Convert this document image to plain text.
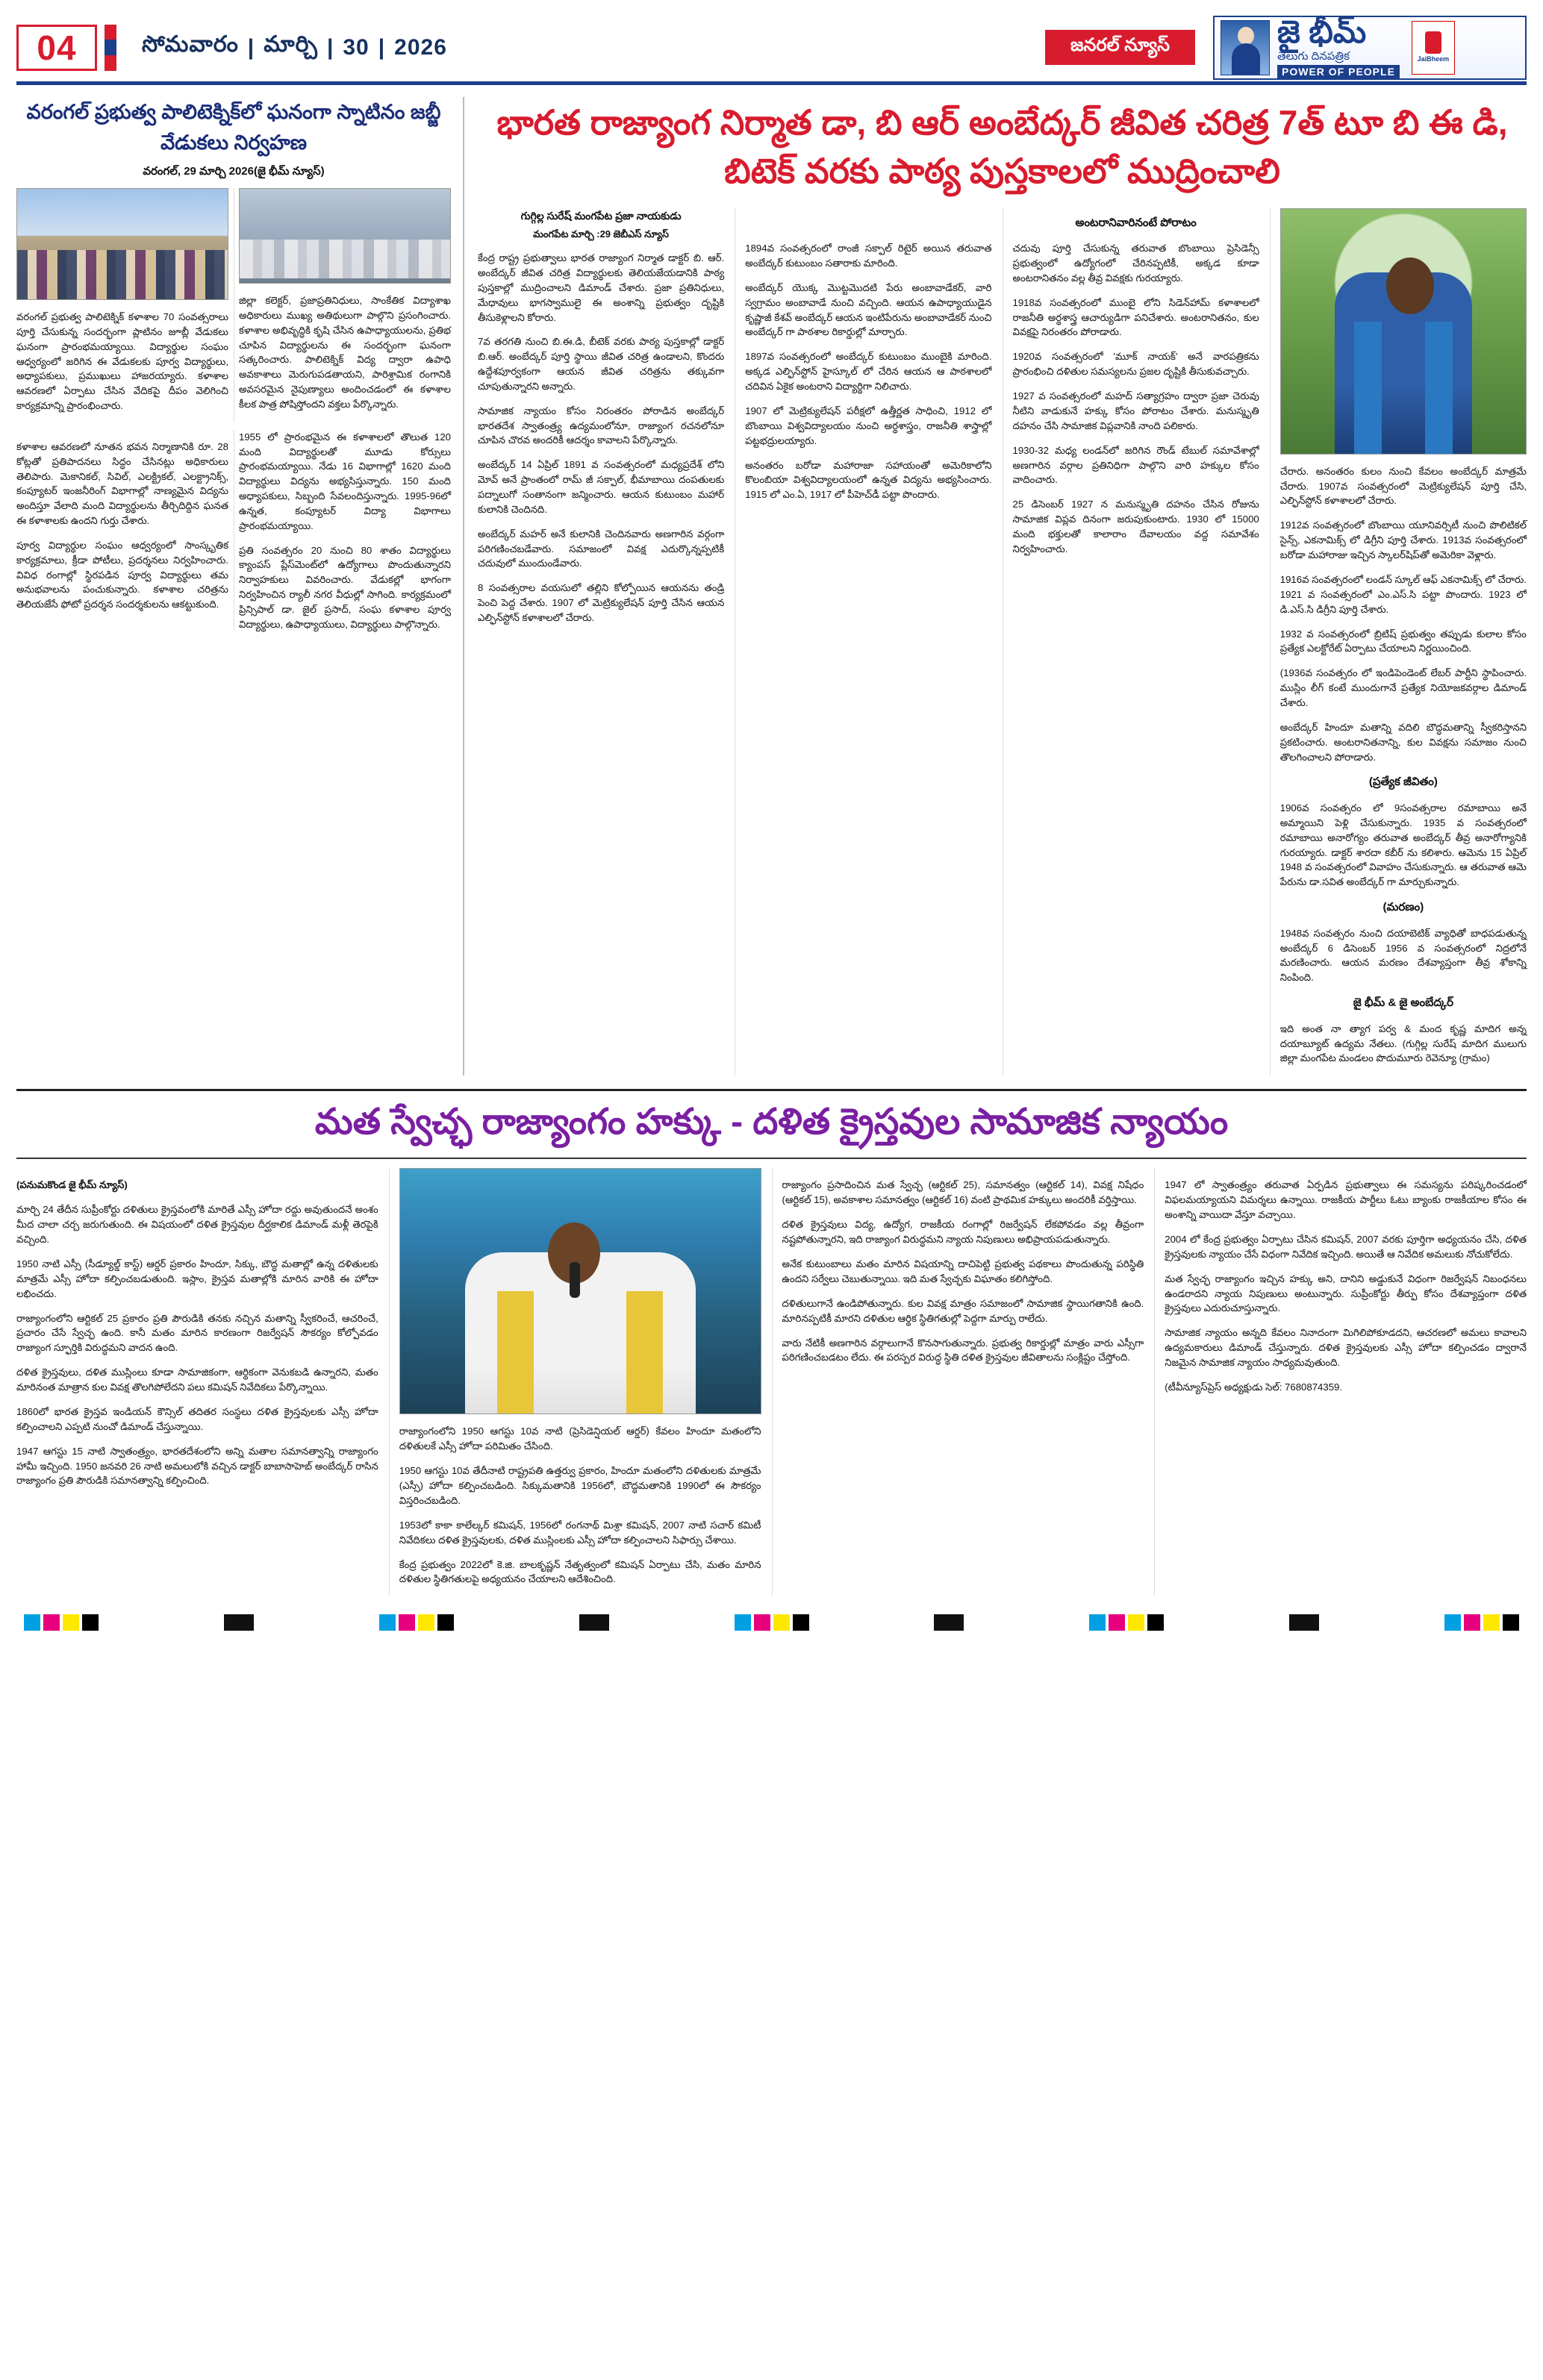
04	సోమవారం | మార్చి | 30 | 2026	జనరల్ న్యూస్	జై భీమ్
తెలుగు దినపత్రిక
POWER OF PEOPLE
JaiBheem
వరంగల్ ప్రభుత్వ పాలిటెక్నిక్‌లో ఘనంగా స్నాటినం జబ్జీ వేడుకలు నిర్వహణ
వరంగల్, 29 మార్చి 2026(జై భీమ్ న్యూస్)

వరంగల్ ప్రభుత్వ పాలిటెక్నిక్ కళాశాల 70 సంవత్సరాలు పూర్తి చేసుకున్న సందర్భంగా ప్లాటినం జూబ్లీ వేడుకలు ఘనంగా ప్రారంభమయ్యాయి. విద్యార్థుల సంఘం ఆధ్వర్యంలో జరిగిన ఈ వేడుకలకు పూర్వ విద్యార్థులు, అధ్యాపకులు, ప్రముఖులు హాజరయ్యారు. కళాశాల ఆవరణలో ఏర్పాటు చేసిన వేదికపై దీపం వెలిగించి కార్యక్రమాన్ని ప్రారంభించారు.

జిల్లా కలెక్టర్, ప్రజాప్రతినిధులు, సాంకేతిక విద్యాశాఖ అధికారులు ముఖ్య అతిథులుగా పాల్గొని ప్రసంగించారు. కళాశాల అభివృద్ధికి కృషి చేసిన ఉపాధ్యాయులను, ప్రతిభ చూపిన విద్యార్థులను ఈ సందర్భంగా ఘనంగా సత్కరించారు. పాలిటెక్నిక్ విద్య ద్వారా ఉపాధి అవకాశాలు మెరుగుపడతాయని, పారిశ్రామిక రంగానికి అవసరమైన నైపుణ్యాలు అందించడంలో ఈ కళాశాల కీలక పాత్ర పోషిస్తోందని వక్తలు పేర్కొన్నారు.

కళాశాల ఆవరణలో నూతన భవన నిర్మాణానికి రూ. 28 కోట్లతో ప్రతిపాదనలు సిద్ధం చేసినట్లు అధికారులు తెలిపారు. మెకానికల్, సివిల్, ఎలక్ట్రికల్, ఎలక్ట్రానిక్స్, కంప్యూటర్ ఇంజనీరింగ్ విభాగాల్లో నాణ్యమైన విద్యను అందిస్తూ వేలాది మంది విద్యార్థులను తీర్చిదిద్దిన ఘనత ఈ కళాశాలకు ఉందని గుర్తు చేశారు.

పూర్వ విద్యార్థుల సంఘం ఆధ్వర్యంలో సాంస్కృతిక కార్యక్రమాలు, క్రీడా పోటీలు, ప్రదర్శనలు నిర్వహించారు. వివిధ రంగాల్లో స్థిరపడిన పూర్వ విద్యార్థులు తమ అనుభవాలను పంచుకున్నారు. కళాశాల చరిత్రను తెలియజేసే ఫోటో ప్రదర్శన సందర్శకులను ఆకట్టుకుంది.

1955 లో ప్రారంభమైన ఈ కళాశాలలో తొలుత 120 మంది విద్యార్థులతో మూడు కోర్సులు ప్రారంభమయ్యాయి. నేడు 16 విభాగాల్లో 1620 మంది విద్యార్థులు విద్యను అభ్యసిస్తున్నారు. 150 మంది అధ్యాపకులు, సిబ్బంది సేవలందిస్తున్నారు. 1995-96లో ఉన్నత, కంప్యూటర్ విద్యా విభాగాలు ప్రారంభమయ్యాయి.

ప్రతి సంవత్సరం 20 నుంచి 80 శాతం విద్యార్థులు క్యాంపస్ ప్లేస్‌మెంట్‌లో ఉద్యోగాలు పొందుతున్నారని నిర్వాహకులు వివరించారు. వేడుకల్లో భాగంగా నిర్వహించిన ర్యాలీ నగర వీధుల్లో సాగింది. కార్యక్రమంలో ప్రిన్సిపాల్ డా. జైల్ ప్రసాద్, సంఘ కళాశాల పూర్వ విద్యార్థులు, ఉపాధ్యాయులు, విద్యార్థులు పాల్గొన్నారు.

భారత రాజ్యాంగ నిర్మాత డా, బి ఆర్ అంబేద్కర్ జీవిత చరిత్ర 7త్ టూ బి ఈ డి, బిటెక్ వరకు పాఠ్య పుస్తకాలలో ముద్రించాలి
గుగ్గిల్ల సురేష్ మంగపేట ప్రజా నాయకుడు
మంగపేట మార్చి :29 జెబీఎస్ న్యూస్

కేంద్ర రాష్ట్ర ప్రభుత్వాలు భారత రాజ్యాంగ నిర్మాత డాక్టర్ బి. ఆర్. అంబేద్కర్ జీవిత చరిత్ర విద్యార్థులకు తెలియజేయడానికి పాఠ్య పుస్తకాల్లో ముద్రించాలని డిమాండ్ చేశారు. ప్రజా ప్రతినిధులు, మేధావులు భాగస్వాములై ఈ అంశాన్ని ప్రభుత్వం దృష్టికి తీసుకెళ్లాలని కోరారు.

7వ తరగతి నుంచి బి.ఈ.డి, బీటెక్ వరకు పాఠ్య పుస్తకాల్లో డాక్టర్ బి.ఆర్. అంబేద్కర్ పూర్తి స్థాయి జీవిత చరిత్ర ఉండాలని, కొందరు ఉద్దేశపూర్వకంగా ఆయన జీవిత చరిత్రను తక్కువగా చూపుతున్నారని అన్నారు.

సామాజిక న్యాయం కోసం నిరంతరం పోరాడిన అంబేద్కర్ భారతదేశ స్వాతంత్ర్య ఉద్యమంలోనూ, రాజ్యాంగ రచనలోనూ చూపిన చొరవ అందరికీ ఆదర్శం కావాలని పేర్కొన్నారు.

అంబేద్కర్ 14 ఏప్రిల్ 1891 వ సంవత్సరంలో మధ్యప్రదేశ్ లోని మోవ్ అనే ప్రాంతంలో రామ్ జీ సక్పాల్, భీమాబాయి దంపతులకు పద్నాలుగో సంతానంగా జన్మించారు. ఆయన కుటుంబం మహార్ కులానికి చెందినది.

అంబేద్కర్ మహర్ అనే కులానికి చెందినవారు అణగారిన వర్గంగా పరిగణించబడేవారు. సమాజంలో వివక్ష ఎదుర్కొన్నప్పటికీ చదువులో ముందుండేవారు.

8 సంవత్సరాల వయసులో తల్లిని కోల్పోయిన ఆయనను తండ్రి పెంచి పెద్ద చేశారు. 1907 లో మెట్రిక్యులేషన్ పూర్తి చేసిన ఆయన ఎల్ఫిన్‌స్టోన్ కళాశాలలో చేరారు.

1894వ సంవత్సరంలో రాంజీ సక్పాల్ రిటైర్ అయిన తరువాత అంబేద్కర్ కుటుంబం సతారాకు మారింది.

అంబేద్కర్ యొక్క మొట్టమొదటి పేరు అంబావాడేకర్, వారి స్వగ్రామం అంబావాడే నుంచి వచ్చింది. ఆయన ఉపాధ్యాయుడైన కృష్ణాజీ కేశవ్ అంబేద్కర్ ఆయన ఇంటిపేరును అంబావాడేకర్ నుంచి అంబేద్కర్ గా పాఠశాల రికార్డుల్లో మార్చారు.

1897వ సంవత్సరంలో అంబేద్కర్ కుటుంబం ముంబైకి మారింది. అక్కడ ఎల్ఫిన్‌స్టోన్ హైస్కూల్ లో చేరిన ఆయన ఆ పాఠశాలలో చదివిన ఏకైక అంటరాని విద్యార్థిగా నిలిచారు.

1907 లో మెట్రిక్యులేషన్ పరీక్షలో ఉత్తీర్ణత సాధించి, 1912 లో బొంబాయి విశ్వవిద్యాలయం నుంచి అర్థశాస్త్రం, రాజనీతి శాస్త్రాల్లో పట్టభద్రులయ్యారు.

అనంతరం బరోడా మహారాజా సహాయంతో అమెరికాలోని కొలంబియా విశ్వవిద్యాలయంలో ఉన్నత విద్యను అభ్యసించారు. 1915 లో ఎం.ఏ, 1917 లో పీహెచ్‌డీ పట్టా పొందారు.

అంటరానివారినంటే పోరాటం

చదువు పూర్తి చేసుకున్న తరువాత బొంబాయి ప్రెసిడెన్సీ ప్రభుత్వంలో ఉద్యోగంలో చేరినప్పటికీ, అక్కడ కూడా అంటరానితనం వల్ల తీవ్ర వివక్షకు గురయ్యారు.

1918వ సంవత్సరంలో ముంబై లోని సిడెన్‌హామ్ కళాశాలలో రాజనీతి అర్థశాస్త్ర ఆచార్యుడిగా పనిచేశారు. అంటరానితనం, కుల వివక్షపై నిరంతరం పోరాడారు.

1920వ సంవత్సరంలో 'మూక్ నాయక్' అనే వారపత్రికను ప్రారంభించి దళితుల సమస్యలను ప్రజల దృష్టికి తీసుకువచ్చారు.

1927 వ సంవత్సరంలో మహద్ సత్యాగ్రహం ద్వారా ప్రజా చెరువు నీటిని వాడుకునే హక్కు కోసం పోరాటం చేశారు. మనుస్మృతి దహనం చేసి సామాజిక విప్లవానికి నాంది పలికారు.

1930-32 మధ్య లండన్‌లో జరిగిన రౌండ్ టేబుల్ సమావేశాల్లో అణగారిన వర్గాల ప్రతినిధిగా పాల్గొని వారి హక్కుల కోసం వాదించారు.

25 డిసెంబర్ 1927 న మనుస్మృతి దహనం చేసిన రోజును సామాజిక విప్లవ దినంగా జరుపుకుంటారు. 1930 లో 15000 మంది భక్తులతో కాలారాం దేవాలయం వద్ద సమావేశం నిర్వహించారు.

చేరారు. అనంతరం కులం నుంచి కేవలం అంబేద్కర్ మాత్రమే చేరారు. 1907వ సంవత్సరంలో మెట్రిక్యులేషన్ పూర్తి చేసి, ఎల్ఫిన్‌స్టోన్ కళాశాలలో చేరారు.

1912వ సంవత్సరంలో బొంబాయి యూనివర్సిటీ నుంచి పొలిటికల్ సైన్స్, ఎకనామిక్స్ లో డిగ్రీని పూర్తి చేశారు. 1913వ సంవత్సరంలో బరోడా మహారాజు ఇచ్చిన స్కాలర్‌షిప్‌తో అమెరికా వెళ్లారు.

1916వ సంవత్సరంలో లండన్ స్కూల్ ఆఫ్ ఎకనామిక్స్ లో చేరారు. 1921 వ సంవత్సరంలో ఎం.ఎస్.సి పట్టా పొందారు. 1923 లో డి.ఎస్.సి డిగ్రీని పూర్తి చేశారు.

1932 వ సంవత్సరంలో బ్రిటిష్ ప్రభుత్వం తప్పుడు కులాల కోసం ప్రత్యేక ఎలక్టోరేట్ ఏర్పాటు చేయాలని నిర్ణయించింది.

(1936వ సంవత్సరం లో ఇండిపెండెంట్ లేబర్ పార్టీని స్థాపించారు. ముస్లిం లీగ్ కంటే ముందుగానే ప్రత్యేక నియోజకవర్గాల డిమాండ్ చేశారు.

అంబేద్కర్ హిందూ మతాన్ని వదిలి బౌద్ధమతాన్ని స్వీకరిస్తానని ప్రకటించారు. అంటరానితనాన్ని, కుల వివక్షను సమాజం నుంచి తొలగించాలని పోరాడారు.

(ప్రత్యేక జీవితం)

1906వ సంవత్సరం లో 9సంవత్సరాల రమాబాయి అనే అమ్మాయిని పెళ్లి చేసుకున్నారు. 1935 వ సంవత్సరంలో రమాబాయి అనారోగ్యం తరువాత అంబేద్కర్ తీవ్ర అనారోగ్యానికి గురయ్యారు. డాక్టర్ శారదా కబీర్ ను కలిశారు. ఆమెను 15 ఏప్రిల్ 1948 వ సంవత్సరంలో వివాహం చేసుకున్నారు. ఆ తరువాత ఆమె పేరును డా.సవిత అంబేద్కర్ గా మార్చుకున్నారు.

(మరణం)

1948వ సంవత్సరం నుంచి దయాబెటిక్ వ్యాధితో బాధపడుతున్న అంబేద్కర్ 6 డిసెంబర్ 1956 వ సంవత్సరంలో నిద్రలోనే మరణించారు. ఆయన మరణం దేశవ్యాప్తంగా తీవ్ర శోకాన్ని నింపింది.

జై భీమ్ & జై అంబేద్కర్

ఇది అంత నా త్యాగ పర్వ & మంద కృష్ణ మాదిగ అన్న దయాబ్యూట్ ఉద్యమ నేతలు. (గుగ్గిల్ల సురేష్ మాదిగ ములుగు జిల్లా మంగపేట మండలం పొదుమూరు రెవెన్యూ (గ్రామం)

మత స్వేచ్ఛ రాజ్యాంగం హక్కు - దళిత క్రైస్తవుల సామాజిక న్యాయం

(పనుమకొండ జై భీమ్ న్యూస్)

మార్చి 24 తేదీన సుప్రీంకోర్టు దళితులు క్రైస్తవంలోకి మారితే ఎస్సీ హోదా రద్దు అవుతుందనే అంశం మీద చాలా చర్చ జరుగుతుంది. ఈ విషయంలో దళిత క్రైస్తవుల దీర్ఘకాలిక డిమాండ్ మళ్లీ తెరపైకి వచ్చింది.

1950 నాటి ఎస్సీ (సీడ్యూల్డ్ కాస్ట్) ఆర్డర్ ప్రకారం హిందూ, సిక్కు, బౌద్ధ మతాల్లో ఉన్న దళితులకు మాత్రమే ఎస్సీ హోదా కల్పించబడుతుంది. ఇస్లాం, క్రైస్తవ మతాల్లోకి మారిన వారికి ఈ హోదా లభించదు.

రాజ్యాంగంలోని ఆర్టికల్ 25 ప్రకారం ప్రతి పౌరుడికి తనకు నచ్చిన మతాన్ని స్వీకరించే, ఆచరించే, ప్రచారం చేసే స్వేచ్ఛ ఉంది. కానీ మతం మారిన కారణంగా రిజర్వేషన్ సౌకర్యం కోల్పోవడం రాజ్యాంగ స్ఫూర్తికి విరుద్ధమని వాదన ఉంది.

దళిత క్రైస్తవులు, దళిత ముస్లింలు కూడా సామాజికంగా, ఆర్థికంగా వెనుకబడి ఉన్నారని, మతం మారినంత మాత్రాన కుల వివక్ష తొలగిపోలేదని పలు కమిషన్ నివేదికలు పేర్కొన్నాయి.

1860లో భారత క్రైస్తవ ఇండియన్ కౌన్సిల్ తదితర సంస్థలు దళిత క్రైస్తవులకు ఎస్సీ హోదా కల్పించాలని ఎప్పటి నుంచో డిమాండ్ చేస్తున్నాయి.

1947 ఆగస్టు 15 నాటి స్వాతంత్ర్యం, భారతదేశంలోని అన్ని మతాల సమానత్వాన్ని రాజ్యాంగం హామీ ఇచ్చింది. 1950 జనవరి 26 నాటి అమలులోకి వచ్చిన డాక్టర్ బాబాసాహెబ్ అంబేద్కర్ రాసిన రాజ్యాంగం ప్రతి పౌరుడికి సమానత్వాన్ని కల్పించింది.

రాజ్యాంగంలోని 1950 ఆగస్టు 10వ నాటి (ప్రెసిడెన్షియల్ ఆర్డర్) కేవలం హిందూ మతంలోని దళితులకే ఎస్సీ హోదా పరిమితం చేసింది.

1950 ఆగస్టు 10వ తేదీనాటి రాష్ట్రపతి ఉత్తర్వు ప్రకారం, హిందూ మతంలోని దళితులకు మాత్రమే (ఎస్సీ) హోదా కల్పించబడింది. సిక్కుమతానికి 1956లో, బౌద్ధమతానికి 1990లో ఈ సౌకర్యం విస్తరించబడింది.

1953లో కాకా కాలేల్కర్ కమిషన్, 1956లో రంగనాథ్ మిశ్రా కమిషన్, 2007 నాటి సచార్ కమిటీ నివేదికలు దళిత క్రైస్తవులకు, దళిత ముస్లింలకు ఎస్సీ హోదా కల్పించాలని సిఫార్సు చేశాయి.

కేంద్ర ప్రభుత్వం 2022లో కె.జి. బాలకృష్ణన్ నేతృత్వంలో కమిషన్ ఏర్పాటు చేసి, మతం మారిన దళితుల స్థితిగతులపై అధ్యయనం చేయాలని ఆదేశించింది.

రాజ్యాంగం ప్రసాదించిన మత స్వేచ్ఛ (ఆర్టికల్ 25), సమానత్వం (ఆర్టికల్ 14), వివక్ష నిషేధం (ఆర్టికల్ 15), అవకాశాల సమానత్వం (ఆర్టికల్ 16) వంటి ప్రాథమిక హక్కులు అందరికీ వర్తిస్తాయి.

దళిత క్రైస్తవులు విద్య, ఉద్యోగ, రాజకీయ రంగాల్లో రిజర్వేషన్ లేకపోవడం వల్ల తీవ్రంగా నష్టపోతున్నారని, ఇది రాజ్యాంగ విరుద్ధమని న్యాయ నిపుణులు అభిప్రాయపడుతున్నారు.

అనేక కుటుంబాలు మతం మారిన విషయాన్ని దాచిపెట్టి ప్రభుత్వ పథకాలు పొందుతున్న పరిస్థితి ఉందని సర్వేలు చెబుతున్నాయి. ఇది మత స్వేచ్ఛకు విఘాతం కలిగిస్తోంది.

దళితులుగానే ఉండిపోతున్నారు. కుల వివక్ష మాత్రం సమాజంలో సామాజిక స్థాయిగతానికి ఉంది. మారినప్పటికీ మారని దళితుల ఆర్థిక స్థితిగతుల్లో పెద్దగా మార్పు రాలేదు.

వారు నేటికీ అణగారిన వర్గాలుగానే కొనసాగుతున్నారు. ప్రభుత్వ రికార్డుల్లో మాత్రం వారు ఎస్సీగా పరిగణించబడటం లేదు. ఈ పరస్పర విరుద్ధ స్థితి దళిత క్రైస్తవుల జీవితాలను సంక్లిష్టం చేస్తోంది.

1947 లో స్వాతంత్ర్యం తరువాత ఏర్పడిన ప్రభుత్వాలు ఈ సమస్యను పరిష్కరించడంలో విఫలమయ్యాయని విమర్శలు ఉన్నాయి. రాజకీయ పార్టీలు ఓటు బ్యాంకు రాజకీయాల కోసం ఈ అంశాన్ని వాయిదా వేస్తూ వచ్చాయి.

2004 లో కేంద్ర ప్రభుత్వం ఏర్పాటు చేసిన కమిషన్, 2007 వరకు పూర్తిగా అధ్యయనం చేసి, దళిత క్రైస్తవులకు న్యాయం చేసే విధంగా నివేదిక ఇచ్చింది. అయితే ఆ నివేదిక అమలుకు నోచుకోలేదు.

మత స్వేచ్ఛ రాజ్యాంగం ఇచ్చిన హక్కు అని, దానిని అడ్డుకునే విధంగా రిజర్వేషన్ నిబంధనలు ఉండరాదని న్యాయ నిపుణులు అంటున్నారు. సుప్రీంకోర్టు తీర్పు కోసం దేశవ్యాప్తంగా దళిత క్రైస్తవులు ఎదురుచూస్తున్నారు.

సామాజిక న్యాయం అన్నది కేవలం నినాదంగా మిగిలిపోకూడదని, ఆచరణలో అమలు కావాలని ఉద్యమకారులు డిమాండ్ చేస్తున్నారు. దళిత క్రైస్తవులకు ఎస్సీ హోదా కల్పించడం ద్వారానే నిజమైన సామాజిక న్యాయం సాధ్యమవుతుంది.

(టీవీన్యూస్‌ప్రెస్ అధ్యక్షుడు సెల్: 7680874359.
